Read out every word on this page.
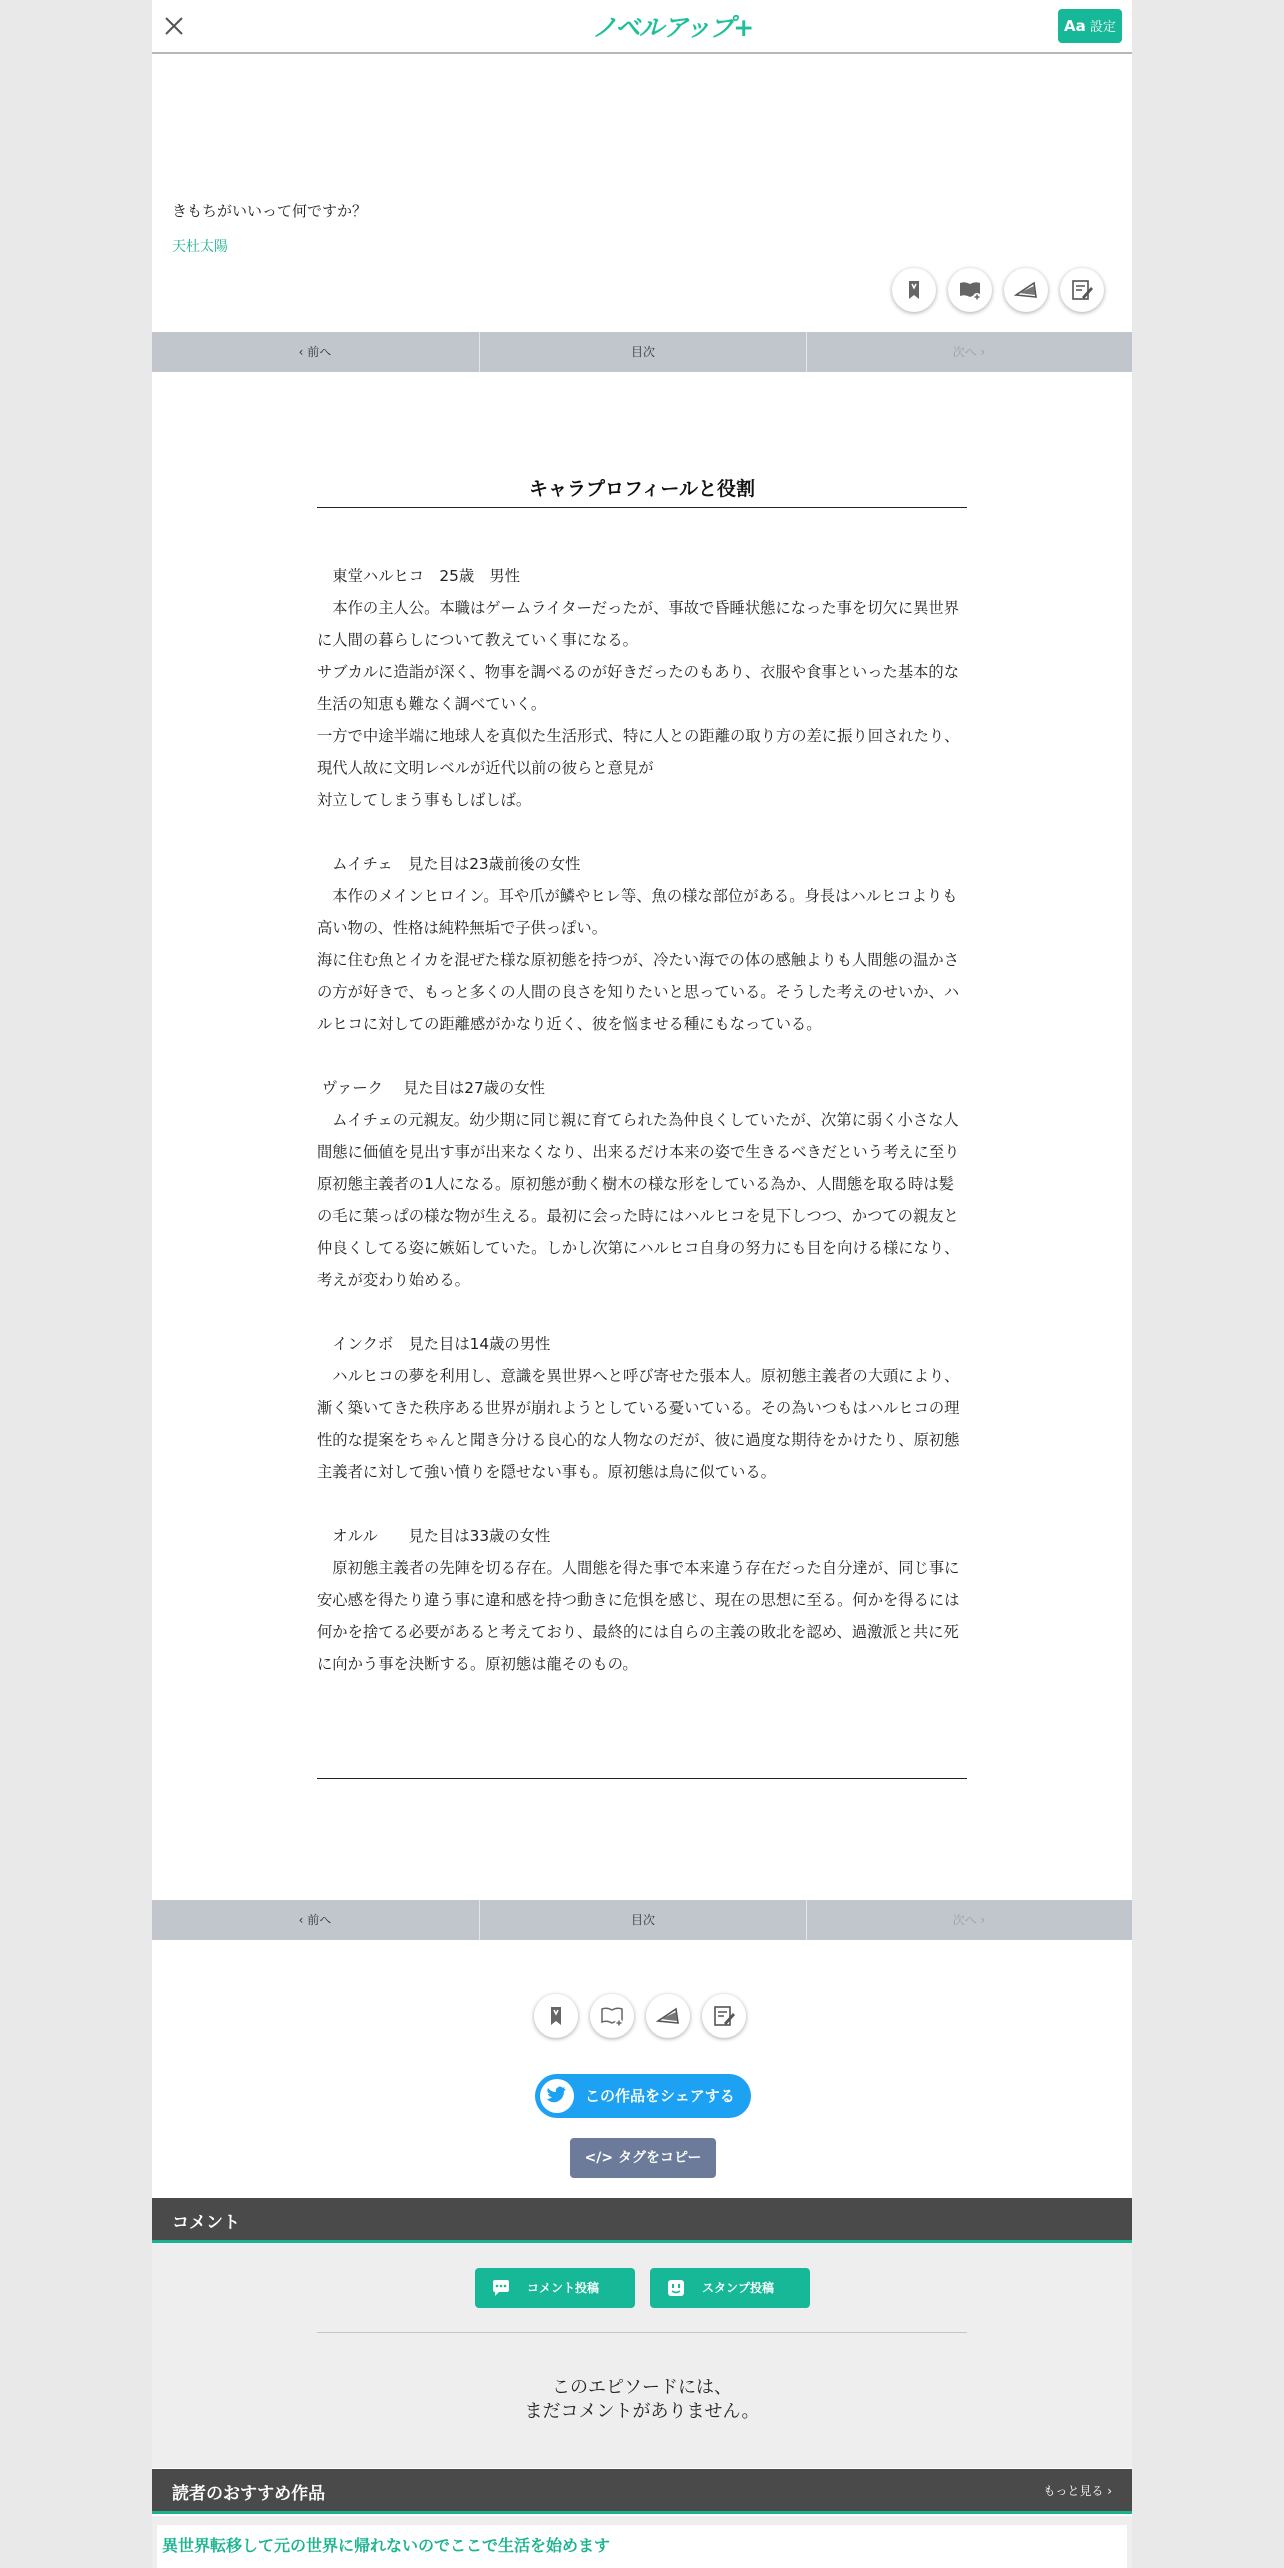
ノベルアップ+	Aa 設定
きもちがいいって何ですか？
天杜太陽
‹ 前へ	目次	次へ ›
キャラプロフィールと役割

　東堂ハルヒコ　25歳　男性

　本作の主人公。本職はゲームライターだったが、事故で昏睡状態になった事を切欠に異世界に人間の暮らしについて教えていく事になる。

サブカルに造詣が深く、物事を調べるのが好きだったのもあり、衣服や食事といった基本的な生活の知恵も難なく調べていく。

一方で中途半端に地球人を真似た生活形式、特に人との距離の取り方の差に振り回されたり、現代人故に文明レベルが近代以前の彼らと意見が

対立してしまう事もしばしば。

　ムイチェ　見た目は23歳前後の女性

　本作のメインヒロイン。耳や爪が鱗やヒレ等、魚の様な部位がある。身長はハルヒコよりも高い物の、性格は純粋無垢で子供っぽい。

海に住む魚とイカを混ぜた様な原初態を持つが、冷たい海での体の感触よりも人間態の温かさの方が好きで、もっと多くの人間の良さを知りたいと思っている。そうした考えのせいか、ハルヒコに対しての距離感がかなり近く、彼を悩ませる種にもなっている。

ヴァーク　 見た目は27歳の女性

　ムイチェの元親友。幼少期に同じ親に育てられた為仲良くしていたが、次第に弱く小さな人間態に価値を見出す事が出来なくなり、出来るだけ本来の姿で生きるべきだという考えに至り原初態主義者の1人になる。原初態が動く樹木の様な形をしている為か、人間態を取る時は髪の毛に葉っぱの様な物が生える。最初に会った時にはハルヒコを見下しつつ、かつての親友と仲良くしてる姿に嫉妬していた。しかし次第にハルヒコ自身の努力にも目を向ける様になり、考えが変わり始める。

　インクボ　見た目は14歳の男性

　ハルヒコの夢を利用し、意識を異世界へと呼び寄せた張本人。原初態主義者の大頭により、漸く築いてきた秩序ある世界が崩れようとしている憂いている。その為いつもはハルヒコの理性的な提案をちゃんと聞き分ける良心的な人物なのだが、彼に過度な期待をかけたり、原初態主義者に対して強い憤りを隠せない事も。原初態は鳥に似ている。

　オルル　　見た目は33歳の女性

　原初態主義者の先陣を切る存在。人間態を得た事で本来違う存在だった自分達が、同じ事に安心感を得たり違う事に違和感を持つ動きに危惧を感じ、現在の思想に至る。何かを得るには何かを捨てる必要があると考えており、最終的には自らの主義の敗北を認め、過激派と共に死に向かう事を決断する。原初態は龍そのもの。

‹ 前へ	目次	次へ ›
この作品をシェアする
</> タグをコピー
コメント
コメント投稿	スタンプ投稿
このエピソードには、
まだコメントがありません。
読者のおすすめ作品	もっと見る ›
異世界転移して元の世界に帰れないのでここで生活を始めます
